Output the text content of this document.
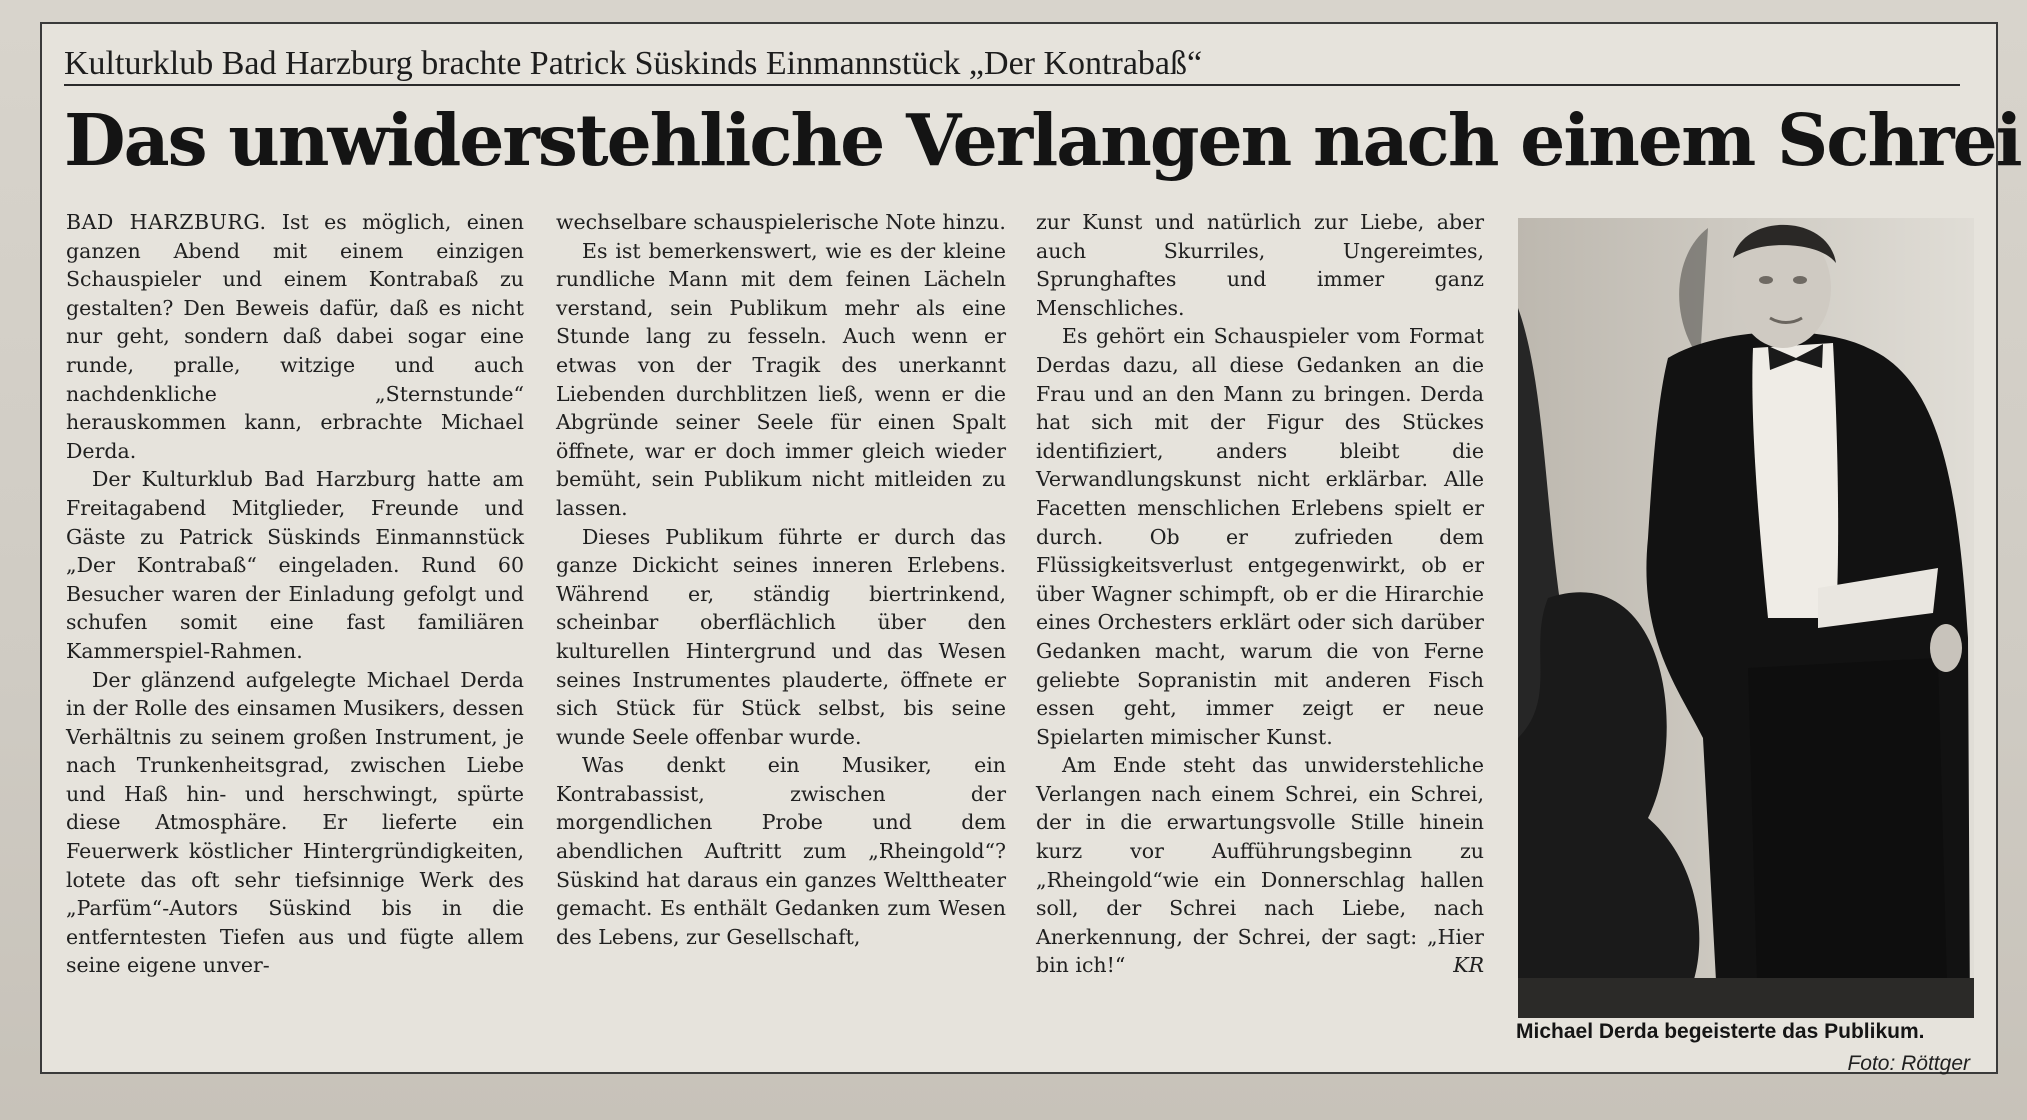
Kulturklub Bad Harzburg brachte Patrick Süskinds Einmannstück „Der Kontrabaß“
Das unwiderstehliche Verlangen nach einem Schrei

BAD HARZBURG. Ist es möglich, einen ganzen Abend mit einem einzigen Schauspieler und einem Kontrabaß zu gestalten? Den Beweis dafür, daß es nicht nur geht, sondern daß dabei sogar eine runde, pralle, witzige und auch nachdenkliche „Sternstunde“ herauskommen kann, erbrachte Michael Derda.

Der Kulturklub Bad Harzburg hatte am Freitagabend Mitglieder, Freunde und Gäste zu Patrick Süskinds Einmannstück „Der Kontrabaß“ eingeladen. Rund 60 Besucher waren der Einladung gefolgt und schufen somit eine fast familiären Kammerspiel-Rahmen.

Der glänzend aufgelegte Michael Derda in der Rolle des einsamen Musikers, dessen Verhältnis zu seinem großen Instrument, je nach Trunkenheitsgrad, zwischen Liebe und Haß hin- und herschwingt, spürte diese Atmosphäre. Er lieferte ein Feuerwerk köstlicher Hintergründigkeiten, lotete das oft sehr tiefsinnige Werk des „Parfüm“-Autors Süskind bis in die entferntesten Tiefen aus und fügte allem seine eigene unver-

wechselbare schauspielerische Note hinzu.

Es ist bemerkenswert, wie es der kleine rundliche Mann mit dem feinen Lächeln verstand, sein Publikum mehr als eine Stunde lang zu fesseln. Auch wenn er etwas von der Tragik des unerkannt Liebenden durchblitzen ließ, wenn er die Abgründe seiner Seele für einen Spalt öffnete, war er doch immer gleich wieder bemüht, sein Publikum nicht mitleiden zu lassen.

Dieses Publikum führte er durch das ganze Dickicht seines inneren Erlebens. Während er, ständig biertrinkend, scheinbar oberflächlich über den kulturellen Hintergrund und das Wesen seines Instrumentes plauderte, öffnete er sich Stück für Stück selbst, bis seine wunde Seele offenbar wurde.

Was denkt ein Musiker, ein Kontrabassist, zwischen der morgendlichen Probe und dem abendlichen Auftritt zum „Rheingold“? Süskind hat daraus ein ganzes Welttheater gemacht. Es enthält Gedanken zum Wesen des Lebens, zur Gesellschaft,

zur Kunst und natürlich zur Liebe, aber auch Skurriles, Ungereimtes, Sprunghaftes und immer ganz Menschliches.

Es gehört ein Schauspieler vom Format Derdas dazu, all diese Gedanken an die Frau und an den Mann zu bringen. Derda hat sich mit der Figur des Stückes identifiziert, anders bleibt die Verwandlungskunst nicht erklärbar. Alle Facetten menschlichen Erlebens spielt er durch. Ob er zufrieden dem Flüssigkeitsverlust entgegenwirkt, ob er über Wagner schimpft, ob er die Hirarchie eines Orchesters erklärt oder sich darüber Gedanken macht, warum die von Ferne geliebte Sopranistin mit anderen Fisch essen geht, immer zeigt er neue Spielarten mimischer Kunst.

Am Ende steht das unwiderstehliche Verlangen nach einem Schrei, ein Schrei, der in die erwartungsvolle Stille hinein kurz vor Aufführungsbeginn zu „Rheingold“wie ein Donnerschlag hallen soll, der Schrei nach Liebe, nach Anerkennung, der Schrei, der sagt: „Hier bin ich!“	KR

Michael Derda begeisterte das Publikum.
Foto: Röttger
